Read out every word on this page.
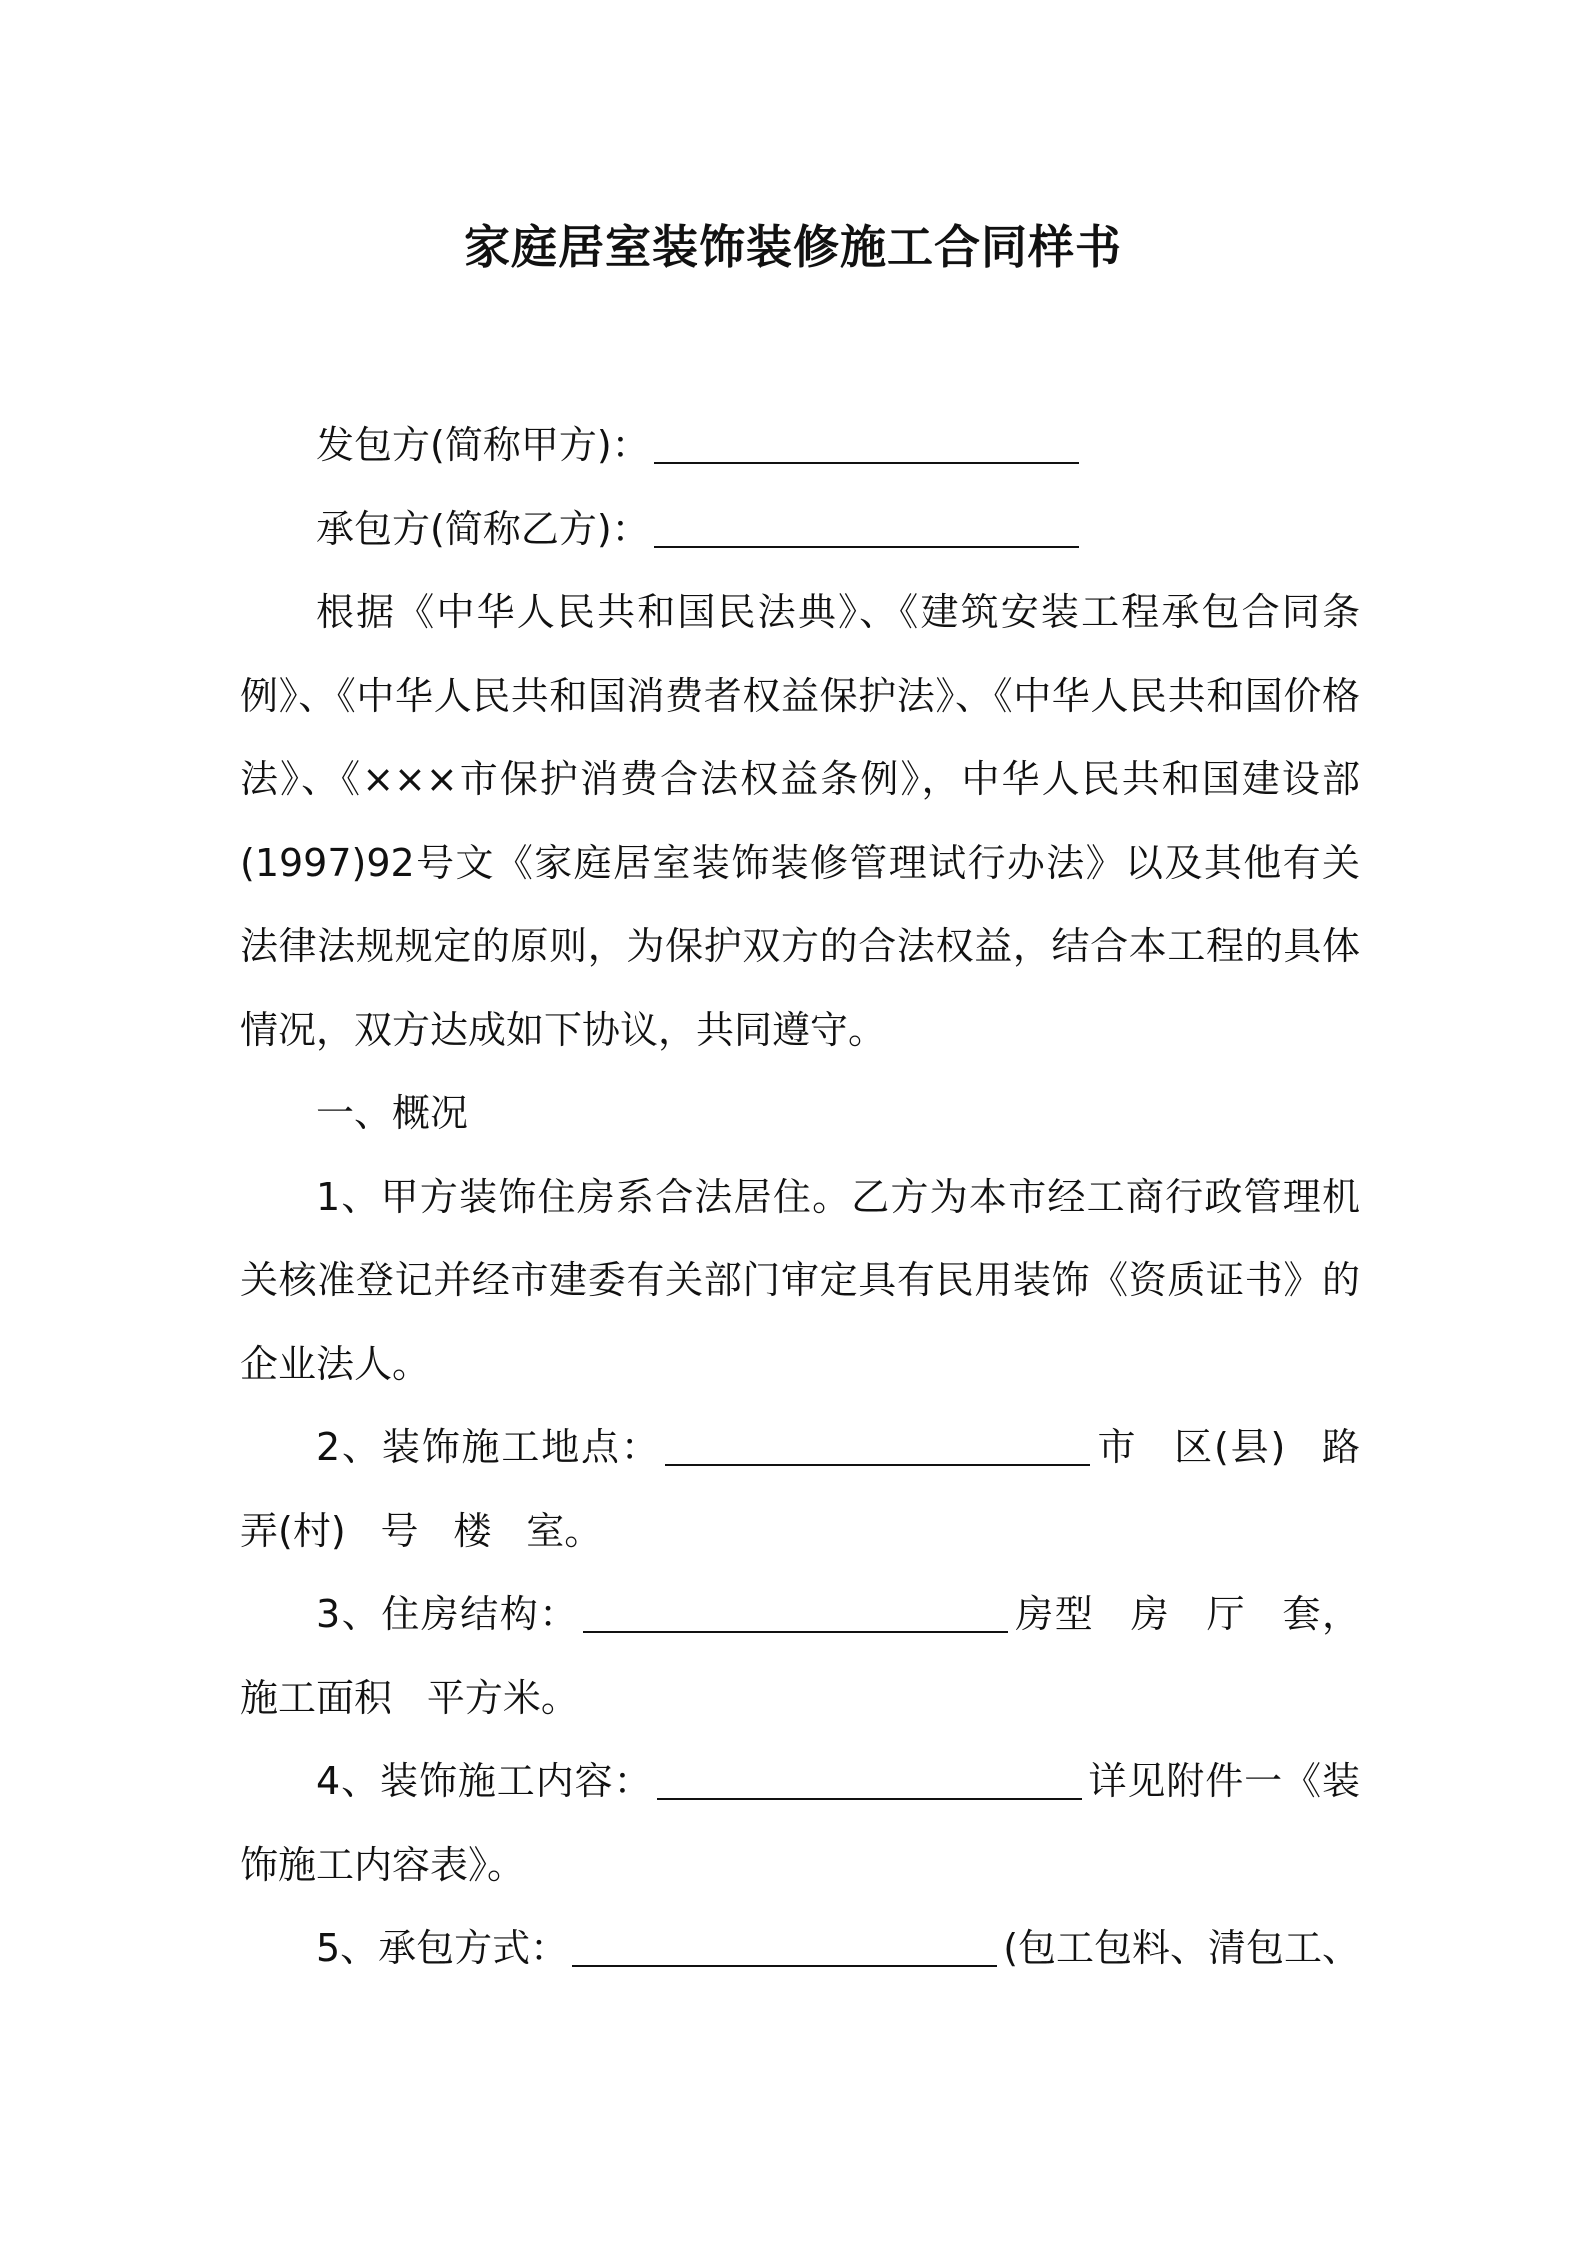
家庭居室装饰装修施工合同样书

发包方(简称甲方)：

承包方(简称乙方)：

根据《中华人民共和国民法典》、《建筑安装工程承包合同条例》、《中华人民共和国消费者权益保护法》、《中华人民共和国价格法》、《×××市保护消费合法权益条例》，中华人民共和国建设部(1997)92号文《家庭居室装饰装修管理试行办法》以及其他有关法律法规规定的原则，为保护双方的合法权益，结合本工程的具体情况，双方达成如下协议，共同遵守。

一、概况

1、甲方装饰住房系合法居住。乙方为本市经工商行政管理机关核准登记并经市建委有关部门审定具有民用装饰《资质证书》的企业法人。

2、装饰施工地点：	市 区(县) 路 弄(村) 号 楼 室。

3、住房结构：	房型 房 厅 套，施工面积 平方米。

4、装饰施工内容：	详见附件一《装饰施工内容表》。

5、承包方式：	(包工包料、清包工、
